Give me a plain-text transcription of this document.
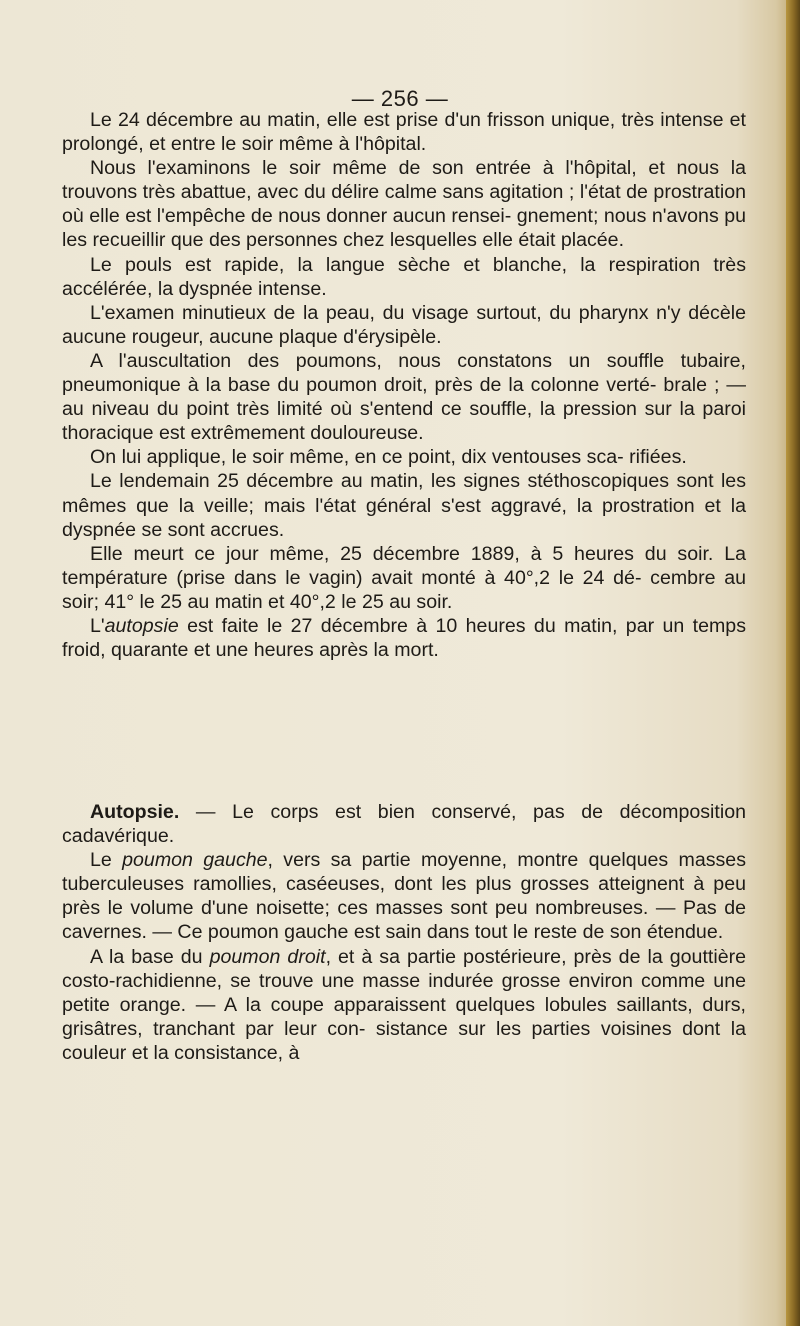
— 256 —

Le 24 décembre au matin, elle est prise d'un frisson unique, très intense et prolongé, et entre le soir même à l'hôpital.

Nous l'examinons le soir même de son entrée à l'hôpital, et nous la trouvons très abattue, avec du délire calme sans agitation ; l'état de prostration où elle est l'empêche de nous donner aucun rensei- gnement; nous n'avons pu les recueillir que des personnes chez lesquelles elle était placée.

Le pouls est rapide, la langue sèche et blanche, la respiration très accélérée, la dyspnée intense.

L'examen minutieux de la peau, du visage surtout, du pharynx n'y décèle aucune rougeur, aucune plaque d'érysipèle.

A l'auscultation des poumons, nous constatons un souffle tubaire, pneumonique à la base du poumon droit, près de la colonne verté- brale ; — au niveau du point très limité où s'entend ce souffle, la pression sur la paroi thoracique est extrêmement douloureuse.

On lui applique, le soir même, en ce point, dix ventouses sca- rifiées.

Le lendemain 25 décembre au matin, les signes stéthoscopiques sont les mêmes que la veille; mais l'état général s'est aggravé, la prostration et la dyspnée se sont accrues.

Elle meurt ce jour même, 25 décembre 1889, à 5 heures du soir. La température (prise dans le vagin) avait monté à 40°,2 le 24 dé- cembre au soir; 41° le 25 au matin et 40°,2 le 25 au soir.

L'autopsie est faite le 27 décembre à 10 heures du matin, par un temps froid, quarante et une heures après la mort.

Autopsie. — Le corps est bien conservé, pas de décomposition cadavérique.

Le poumon gauche, vers sa partie moyenne, montre quelques masses tuberculeuses ramollies, caséeuses, dont les plus grosses atteignent à peu près le volume d'une noisette; ces masses sont peu nombreuses. — Pas de cavernes. — Ce poumon gauche est sain dans tout le reste de son étendue.

A la base du poumon droit, et à sa partie postérieure, près de la gouttière costo-rachidienne, se trouve une masse indurée grosse environ comme une petite orange. — A la coupe apparaissent quelques lobules saillants, durs, grisâtres, tranchant par leur con- sistance sur les parties voisines dont la couleur et la consistance, à
